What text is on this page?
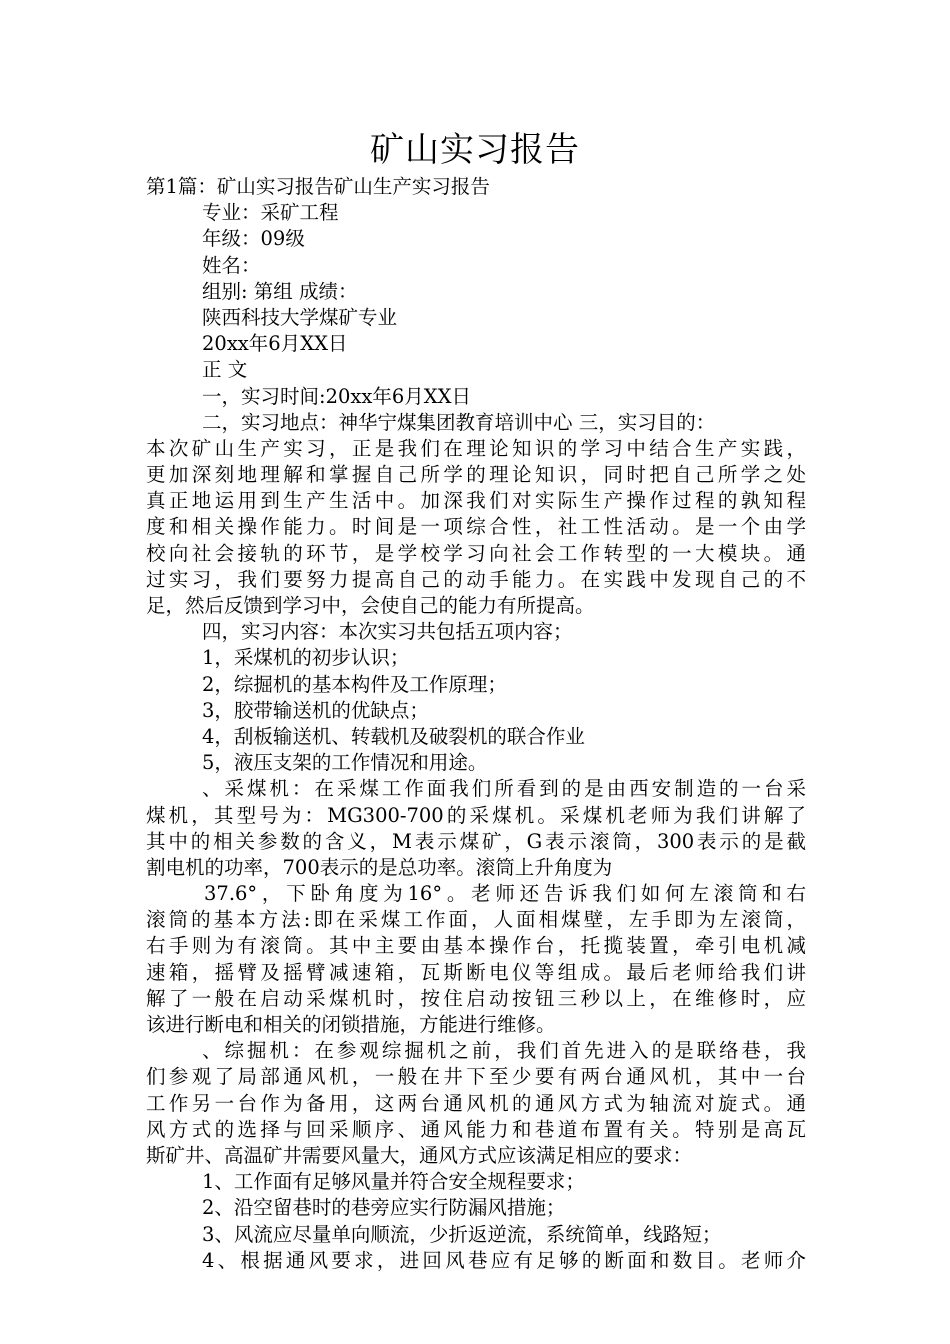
矿山实习报告
第1篇：矿山实习报告矿山生产实习报告
专业：采矿工程
年级：09级
姓名：
组别: 第组 成绩：
陕西科技大学煤矿专业
20xx年6月XX日
正 文
一，实习时间:20xx年6月XX日
二，实习地点：神华宁煤集团教育培训中心 三，实习目的：
本次矿山生产实习，正是我们在理论知识的学习中结合生产实践，
更加深刻地理解和掌握自己所学的理论知识，同时把自己所学之处
真正地运用到生产生活中。加深我们对实际生产操作过程的孰知程
度和相关操作能力。时间是一项综合性，社工性活动。是一个由学
校向社会接轨的环节，是学校学习向社会工作转型的一大模块。通
过实习，我们要努力提高自己的动手能力。在实践中发现自己的不
足，然后反馈到学习中，会使自己的能力有所提高。
四，实习内容：本次实习共包括五项内容；
1，采煤机的初步认识；
2，综掘机的基本构件及工作原理；
3，胶带输送机的优缺点；
4，刮板输送机、转载机及破裂机的联合作业
5，液压支架的工作情况和用途。
、采煤机：在采煤工作面我们所看到的是由西安制造的一台采
煤机，其型号为：MG300-700的采煤机。采煤机老师为我们讲解了
其中的相关参数的含义，M表示煤矿，G表示滚筒，300表示的是截
割电机的功率，700表示的是总功率。滚筒上升角度为
37.6°，下卧角度为16°。老师还告诉我们如何左滚筒和右
滚筒的基本方法:即在采煤工作面，人面相煤壁，左手即为左滚筒，
右手则为有滚筒。其中主要由基本操作台，托揽装置，牵引电机减
速箱，摇臂及摇臂减速箱，瓦斯断电仪等组成。最后老师给我们讲
解了一般在启动采煤机时，按住启动按钮三秒以上，在维修时，应
该进行断电和相关的闭锁措施，方能进行维修。
、综掘机：在参观综掘机之前，我们首先进入的是联络巷，我
们参观了局部通风机，一般在井下至少要有两台通风机，其中一台
工作另一台作为备用，这两台通风机的通风方式为轴流对旋式。通
风方式的选择与回采顺序、通风能力和巷道布置有关。特别是高瓦
斯矿井、高温矿井需要风量大，通风方式应该满足相应的要求：
1、工作面有足够风量并符合安全规程要求；
2、沿空留巷时的巷旁应实行防漏风措施；
3、风流应尽量单向顺流，少折返逆流，系统简单，线路短；
4、根据通风要求，进回风巷应有足够的断面和数目。老师介
